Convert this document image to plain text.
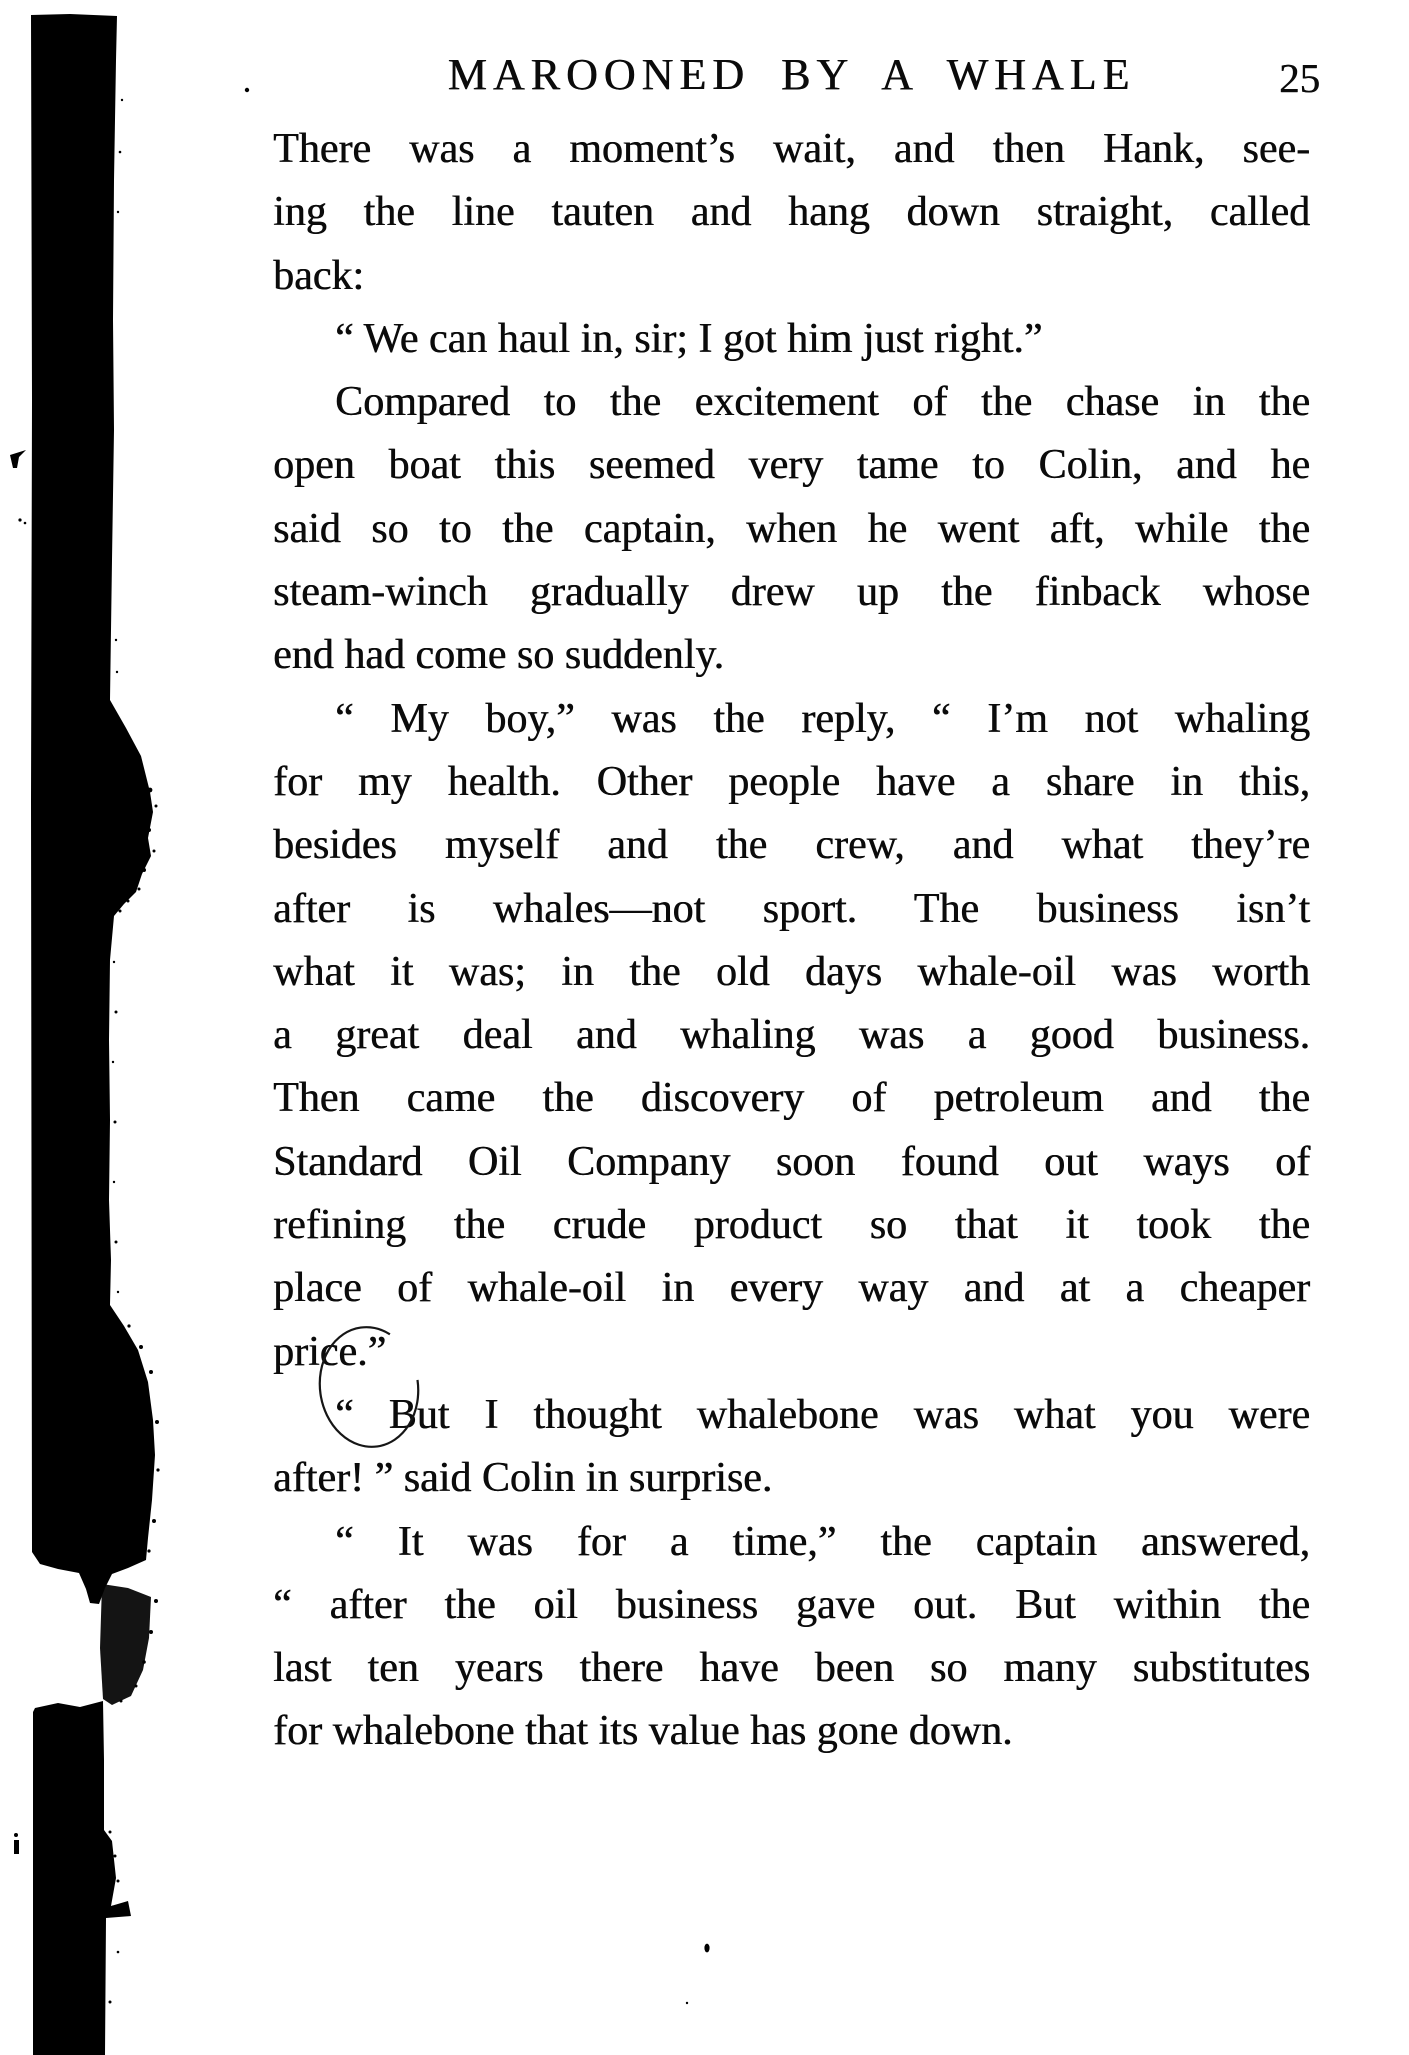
MAROONED BY A WHALE	25
There was a moment’s wait, and then Hank, see-
ing the line tauten and hang down straight, called
back:
“ We can haul in, sir; I got him just right.”
Compared to the excitement of the chase in the
open boat this seemed very tame to Colin, and he
said so to the captain, when he went aft, while the
steam-winch gradually drew up the finback whose
end had come so suddenly.
“ My boy,” was the reply, “ I’m not whaling
for my health. Other people have a share in this,
besides myself and the crew, and what they’re
after is whales—not sport. The business isn’t
what it was; in the old days whale-oil was worth
a great deal and whaling was a good business.
Then came the discovery of petroleum and the
Standard Oil Company soon found out ways of
refining the crude product so that it took the
place of whale-oil in every way and at a cheaper
price.”
“ But I thought whalebone was what you were
after! ” said Colin in surprise.
“ It was for a time,” the captain answered,
“ after the oil business gave out. But within the
last ten years there have been so many substitutes
for whalebone that its value has gone down.
